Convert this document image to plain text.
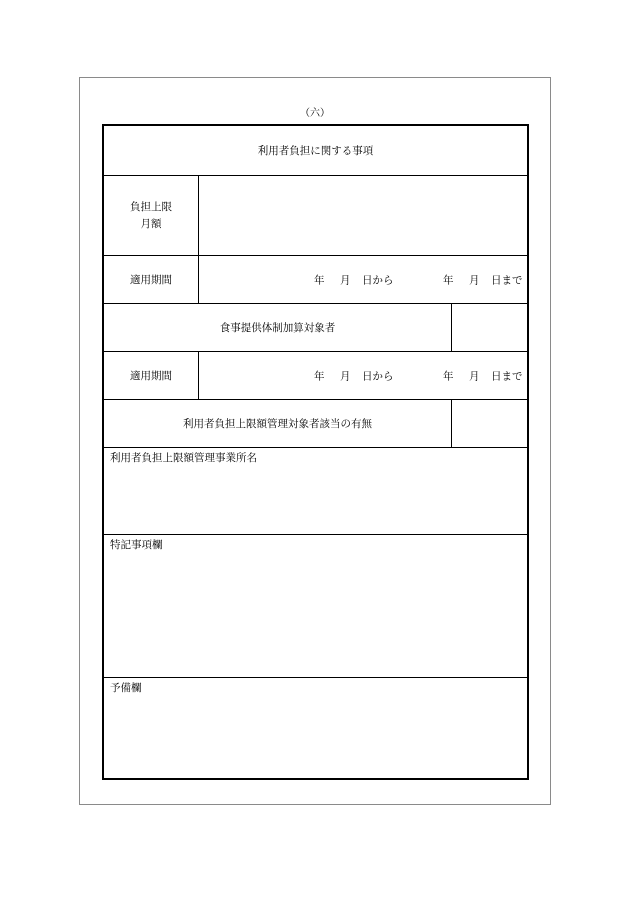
（六）
利用者負担に関する事項
負担上限
月額
適用期間	年 月 日から	年 月 日まで
食事提供体制加算対象者
適用期間	年 月 日から	年 月 日まで
利用者負担上限額管理対象者該当の有無
利用者負担上限額管理事業所名
特記事項欄
予備欄
